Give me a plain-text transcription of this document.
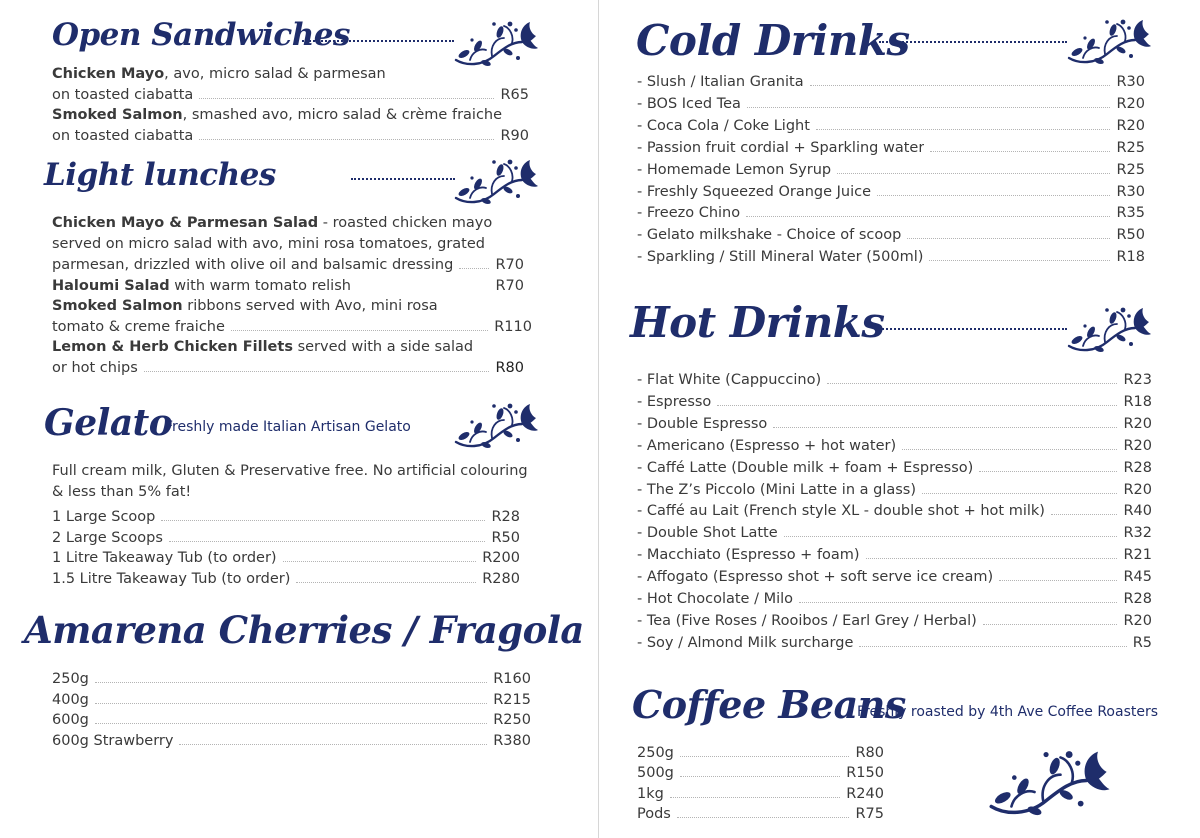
Open Sandwiches
Chicken Mayo, avo, micro salad & parmesan
on toasted ciabatta	R65
Smoked Salmon, smashed avo, micro salad & crème fraiche
on toasted ciabatta	R90
Light lunches
Chicken Mayo & Parmesan Salad - roasted chicken mayo
served on micro salad with avo, mini rosa tomatoes, grated
parmesan, drizzled with olive oil and balsamic dressing	R70
Haloumi Salad with warm tomato relish	R70
Smoked Salmon ribbons served with Avo, mini rosa
tomato & creme fraiche	R110
Lemon & Herb Chicken Fillets served with a side salad
or hot chips	R80
Gelato
Freshly made Italian Artisan Gelato
Full cream milk, Gluten & Preservative free. No artificial colouring
& less than 5% fat!
1 Large Scoop	R28
2 Large Scoops	R50
1 Litre Takeaway Tub (to order)	R200
1.5 Litre Takeaway Tub (to order)	R280
Amarena Cherries / Fragola
250g	R160
400g	R215
600g	R250
600g Strawberry	R380
Cold Drinks
- Slush / Italian Granita	R30
- BOS Iced Tea	R20
- Coca Cola / Coke Light	R20
- Passion fruit cordial + Sparkling water	R25
- Homemade Lemon Syrup	R25
- Freshly Squeezed Orange Juice	R30
- Freezo Chino	R35
- Gelato milkshake - Choice of scoop	R50
- Sparkling / Still Mineral Water (500ml)	R18
Hot Drinks
- Flat White (Cappuccino)	R23
- Espresso	R18
- Double Espresso	R20
- Americano (Espresso + hot water)	R20
- Caffé Latte (Double milk + foam + Espresso)	R28
- The Z’s Piccolo (Mini Latte in a glass)	R20
- Caffé au Lait (French style XL - double shot + hot milk)	R40
- Double Shot Latte	R32
- Macchiato (Espresso + foam)	R21
- Affogato (Espresso shot + soft serve ice cream)	R45
- Hot Chocolate / Milo	R28
- Tea (Five Roses / Rooibos / Earl Grey / Herbal)	R20
- Soy / Almond Milk surcharge	R5
Coffee Beans
Freshly roasted by 4th Ave Coffee Roasters
250g	R80
500g	R150
1kg	R240
Pods	R75
